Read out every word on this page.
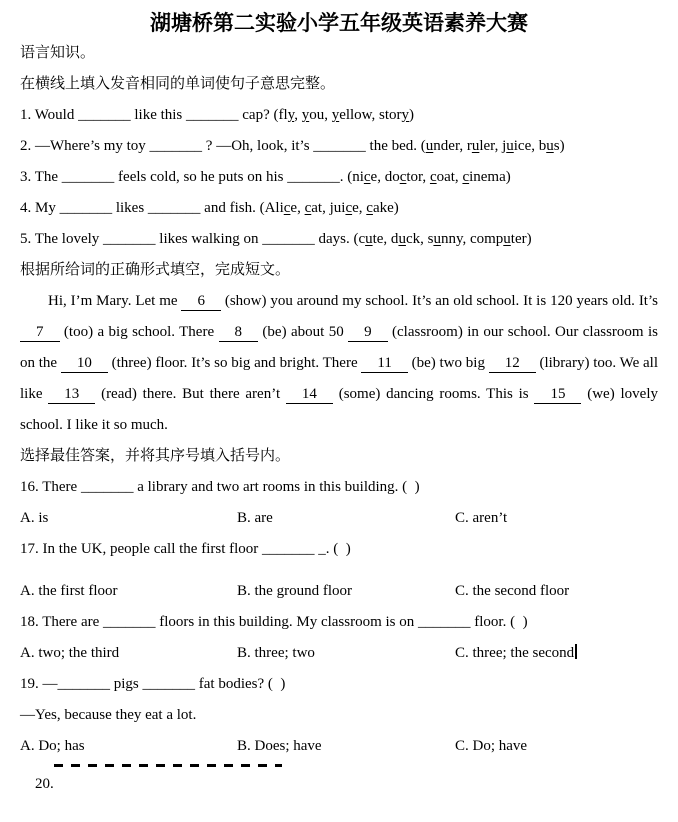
湖塘桥第二实验小学五年级英语素养大赛
语言知识。
在横线上填入发音相同的单词使句子意思完整。
1. Would _______ like this _______ cap? (fly, you, yellow, story)
2. —Where’s my toy _______ ? —Oh, look, it’s _______ the bed. (under, ruler, juice, bus)
3. The _______ feels cold, so he puts on his _______. (nice, doctor, coat, cinema)
4. My _______ likes _______ and fish. (Alice, cat, juice, cake)
5. The lovely _______ likes walking on _______ days. (cute, duck, sunny, computer)
根据所给词的正确形式填空，完成短文。

Hi, I’m Mary. Let me 6 (show) you around my school. It’s an old school. It is 120 years old. It’s7 (too) a big school. There 8 (be) about 50 9 (classroom) in our school. Our classroom is on the 10 (three) floor. It’s so big and bright. There 11 (be) two big 12 (library) too. We all like 13 (read) there. But there aren’t 14 (some) dancing rooms. This is 15 (we) lovely school. I like it so much.

选择最佳答案，并将其序号填入括号内。
16. There _______ a library and two art rooms in this building. (  )
A. is	B. are	C. aren’t
17. In the UK, people call the first floor _______ _. (  )
A. the first floor	B. the ground floor	C. the second floor
18. There are _______ floors in this building. My classroom is on _______ floor. (  )
A. two; the third	B. three; two	C. three; the second
19. —_______ pigs _______ fat bodies? (  )
—Yes, because they eat a lot.
A. Do; has	B. Does; have	C. Do; have

20.
